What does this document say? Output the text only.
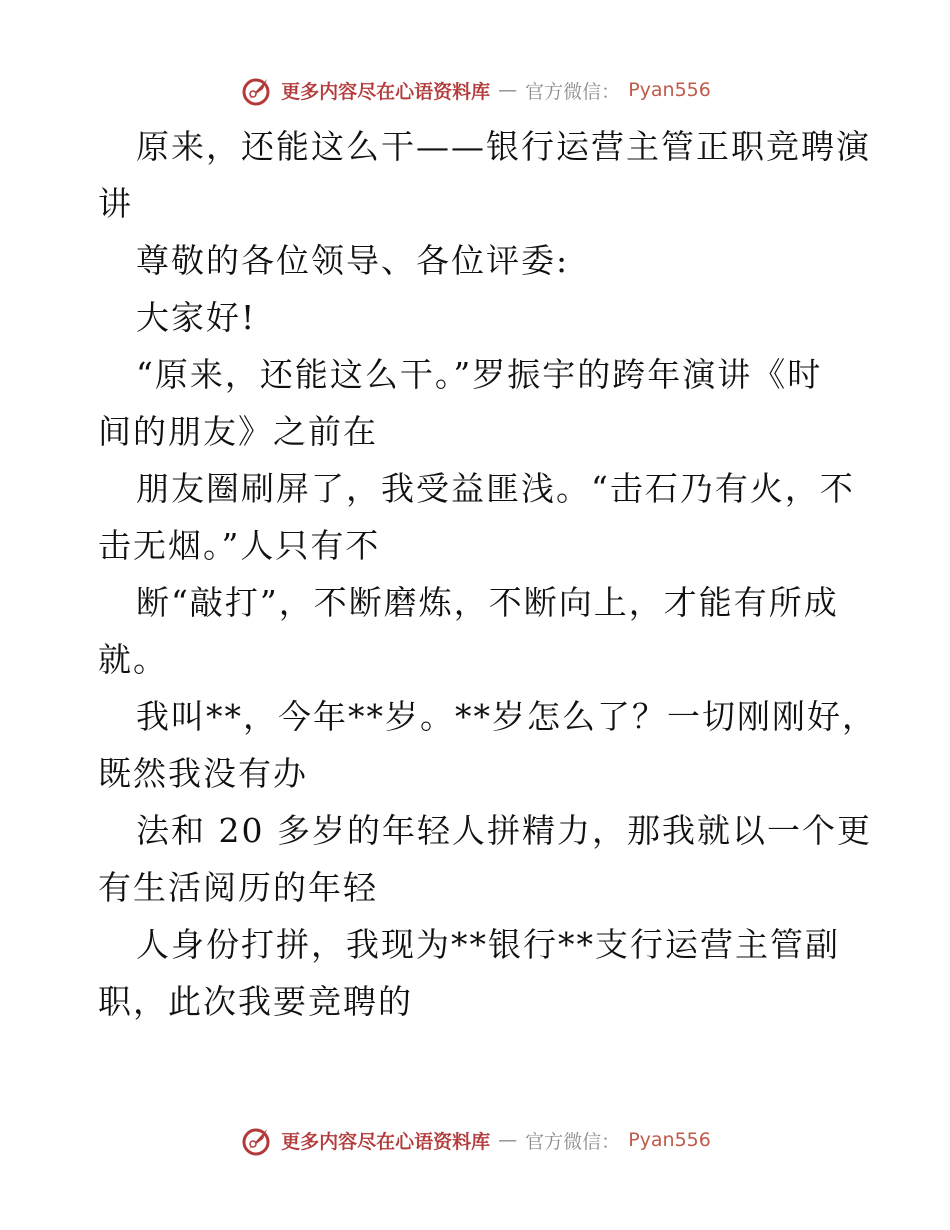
更多内容尽在心语资料库 — 官方微信： Pyan556
原来，还能这么干——银行运营主管正职竞聘演
讲
尊敬的各位领导、各位评委:
大家好!
“原来，还能这么干。”罗振宇的跨年演讲《时
间的朋友》之前在
朋友圈刷屏了，我受益匪浅。“击石乃有火，不
击无烟。”人只有不
断“敲打”，不断磨炼，不断向上，才能有所成
就。
我叫**，今年**岁。**岁怎么了？一切刚刚好，
既然我没有办
法和 20 多岁的年轻人拼精力，那我就以一个更
有生活阅历的年轻
人身份打拼，我现为**银行**支行运营主管副
职，此次我要竞聘的
更多内容尽在心语资料库 — 官方微信： Pyan556
